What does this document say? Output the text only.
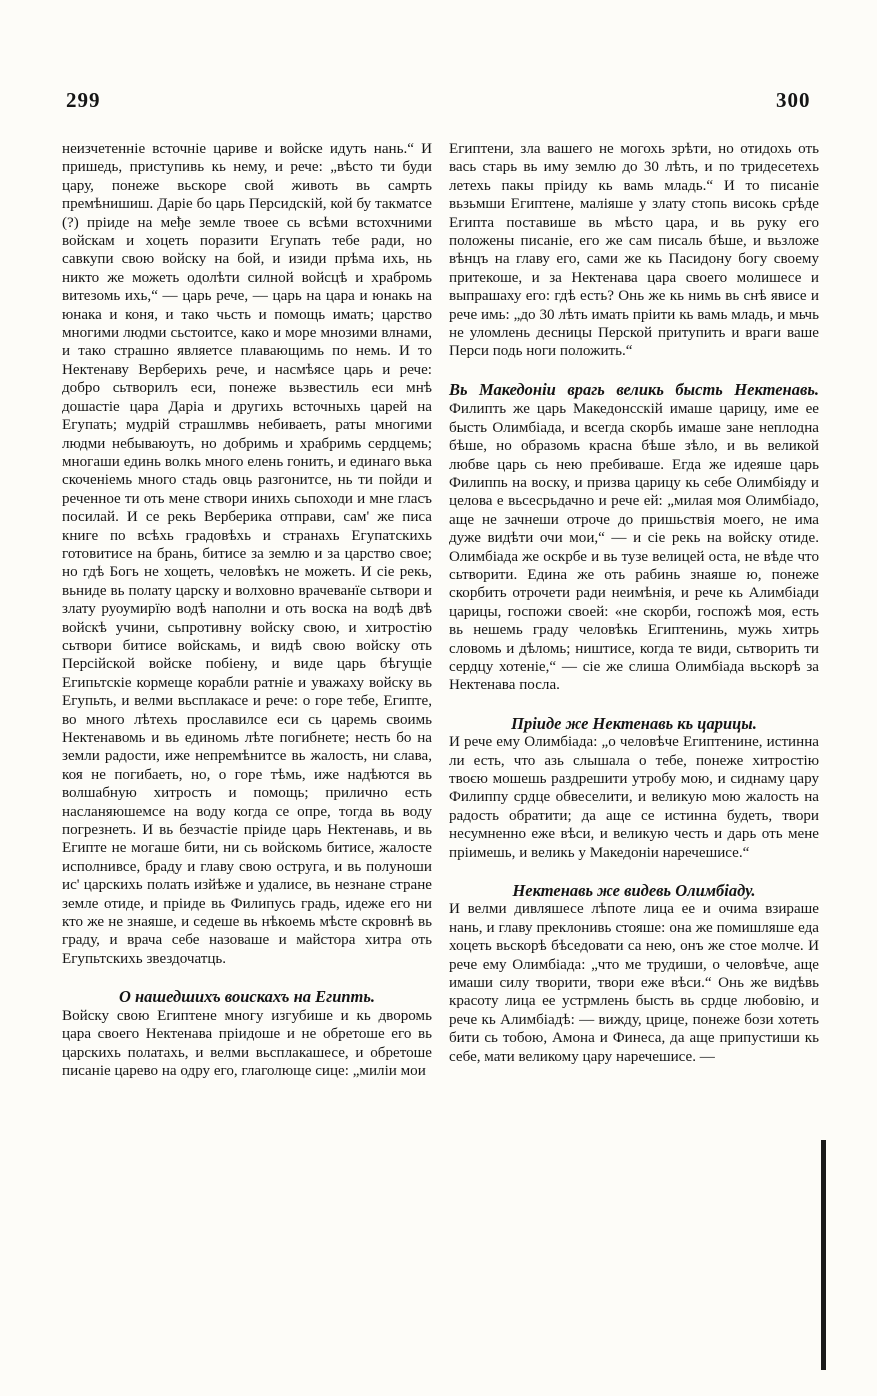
299	300

неизчетенніе всточніе цариве и войске идуть нань.“ И пришедь, приступивь кь нему, и рече: „вѣсто ти буди цару, понеже вьскоре свой животь вь самрть премѣнишиш. Даріе бо царь Персидскій, кой бу такматсе (?) пріиде на међе земле твоее сь всѣми встохчними войскам и хоцеть поразити Егупать тебе ради, но савкупи свою войску на бой, и изиди прѣма ихь, нь никто же можеть одолѣти силной войсцѣ и храбромь витезомь ихь,“ — царь рече, — царь на цара и юнакь на юнака и коня, и тако чьсть и помощь имать; царство многими людми сьстоитсе, како и море мнозими влнами, и тако страшно являетсе плавающимь по немь. И то Нектенаву Верберихь рече, и насмѣясе царь и рече: добро сьтворилъ еси, понеже вьзвестиль еси мнѣ дошастіе цара Даріа и другихь всточныхь царей на Егупать; мудрій страшлмвь небиваеть, раты многими людми небываюуть, но добримь и храбримь сердцемь; многаши единь волкь много елень гонить, и единаго вька скоченіемь много стадь овць разгонитсе, нь ти пойди и реченное ти оть мене створи инихь сьпоходи и мне гласъ посилай. И се рекь Верберика отправи, сам' же писа книге по всѣхь градовѣхь и странахь Егупатскихь готовитисе на брань, битисе за землю и за царство свое; но гдѣ Богь не хощеть, человѣкъ не можеть. И сіе рекь, вьниде вь полату царску и волховно врачеванїе сьтвори и злату руоумирїю водѣ наполни и оть воска на водѣ двѣ войскѣ учини, сьпротивну войску свою, и хитростію сьтвори битисе войскамь, и видѣ свою войску оть Персійской войске побіену, и виде царь бѣгущіе Египьтскіе кормеще корабли ратніе и уважаху войску вь Егупьть, и велми вьсплакасе и рече: о горе тебе, Египте, во много лѣтехь прославилсе еси сь царемь своимь Нектенавомь и вь единомь лѣте погибнете; несть бо на земли радости, иже непремѣнитсе вь жалость, ни слава, коя не погибаеть, но, о горе тѣмь, иже надѣются вь волшабную хитрость и помощь; прилично есть насланяюшемсе на воду когда се опре, тогда вь воду погрезнеть. И вь безчастіе пріиде царь Нектенавь, и вь Египте не могаше бити, ни сь войскомь битисе, жалосте исполнивсе, браду и главу свою оструга, и вь полуноши ис' царскихь полать изйѣже и удалисе, вь незнане стране земле отиде, и пріиде вь Филипусь градь, идеже его ни кто же не знаяше, и седеше вь нѣкоемь мѣсте скровнѣ вь граду, и врача себе назоваше и майстора хитра оть Егупьтскихь звездочатць.

О нашедшихъ воискахъ на Египть.

Войску свою Египтене многу изгубише и кь дворомь цара своего Нектенава пріидоше и не обретоше его вь царскихь полатахь, и велми вьсплакашесе, и обретоше писаніе царево на одру его, глаголюще сице: „миліи мои

Египтени, зла вашего не могохь зрѣти, но отидохь оть вась старь вь иму землю до 30 лѣть, и по тридесетехь летехь пакы пріиду кь вамь младь.“ И то писаніе вьзьмши Египтене, маліяше у злату стопь високь срѣде Египта поставише вь мѣсто цара, и вь руку его положены писаніе, его же сам писаль бѣше, и вьзложе вѣнцъ на главу его, сами же кь Пасидону богу своему притекоше, и за Нектенава цара своего молишесе и выпрашаху его: гдѣ есть? Онь же кь нимь вь снѣ явисе и рече имь: „до 30 лѣть имать пріити кь вамь младь, и мьчь не уломлень десницы Перской притупить и враги ваше Перси подь ноги положить.“

Вь Македоніи врагь великь бысть Нектенавь. Филипть же царь Македонсскій имаше царицу, име ее бысть Олимбіада, и всегда скорбь имаше зане неплодна бѣше, но образомь красна бѣше зѣло, и вь великой любве царь сь нею пребиваше. Егда же идеяше царь Филиппь на воску, и призва царицу кь себе Олимбіяду и целова е вьсесрьдачно и рече ей: „милая моя Олимбіадо, аще не зачнеши отроче до пришьствія моего, не има дуже видѣти очи мои,“ — и сіе рекь на войску отиде. Олимбіада же оскрбе и вь тузе велицей оста, не вѣде что сьтворити. Едина же оть рабинь знаяше ю, понеже скорбить отрочети ради неимѣнія, и рече кь Алимбіади царицы, госпожи своей: «не скорби, госпожѣ моя, есть вь нешемь граду человѣкь Египтенинь, мужь хитрь словомь и дѣломь; ништисе, когда те види, сьтворить ти сердцу хотеніе,“ — сіе же слиша Олимбіада вьскорѣ за Нектенава посла.

Пріиде же Нектенавь кь царицы.

И рече ему Олимбіада: „о человѣче Египтенине, истинна ли есть, что азь слышала о тебе, понеже хитростію твоєю мошешь раздрешити утробу мою, и сиднаму цару Филиппу срдце обвеселити, и великую мою жалость на радость обратити; да аще се истинна будеть, твори несумненно еже вѣси, и великую честь и дарь оть мене пріимешь, и великь у Македоніи наречешисе.“

Нектенавь же видевь Олимбіаду.

И велми дивляшесе лѣпоте лица ее и очима взираше нань, и главу преклонивь стояше: она же помишляше еда хоцеть вьскорѣ бѣседовати са нею, онъ же стое молче. И рече ему Олимбіада: „что ме трудиши, о человѣче, аще имаши силу творити, твори еже вѣси.“ Онь же видѣвь красоту лица ее устрмлень бысть вь срдце любовію, и рече кь Алимбіадѣ: — вижду, црице, понеже бози хотеть бити сь тобою, Амона и Финеса, да аще припустиши кь себе, мати великому цару наречешисе. —
